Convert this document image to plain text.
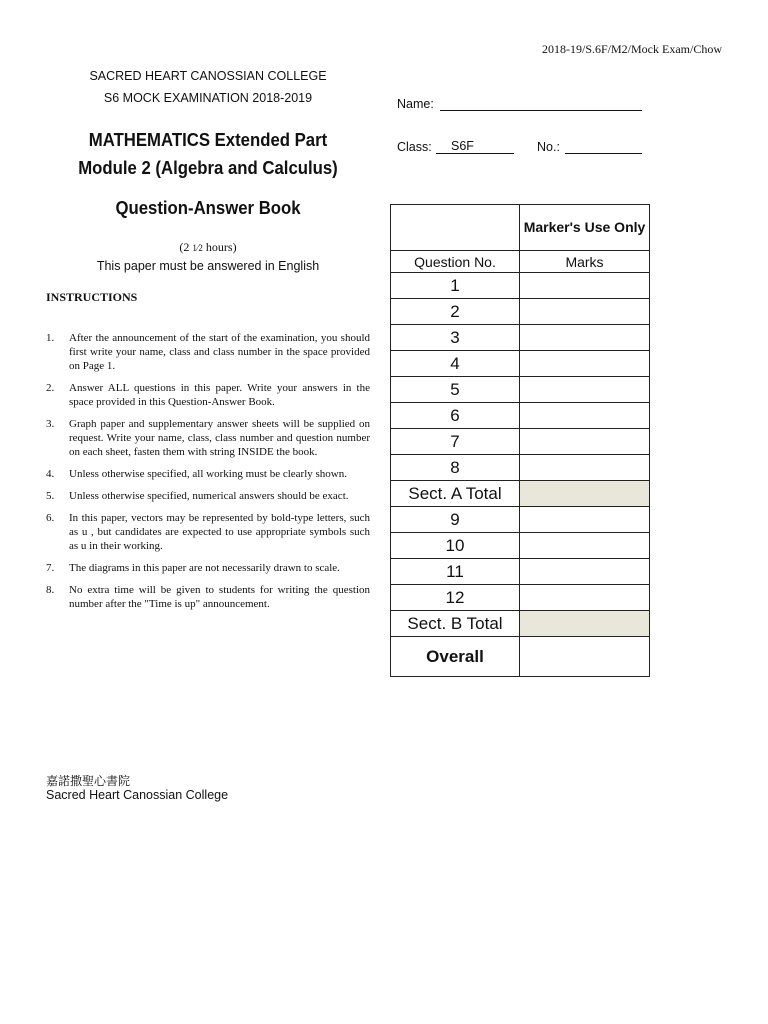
2018-19/S.6F/M2/Mock Exam/Chow
SACRED HEART CANOSSIAN COLLEGE
S6 MOCK EXAMINATION 2018-2019
MATHEMATICS Extended Part
Module 2 (Algebra and Calculus)
Question-Answer Book
(2 1⁄2 hours)
This paper must be answered in English
Name:
Class: S6F	No.:
INSTRUCTIONS
1.	After the announcement of the start of the examination, you should first write your name, class and class number in the space provided on Page 1.
2.	Answer ALL questions in this paper. Write your answers in the space provided in this Question-Answer Book.
3.	Graph paper and supplementary answer sheets will be supplied on request. Write your name, class, class number and question number on each sheet, fasten them with string INSIDE the book.
4.	Unless otherwise specified, all working must be clearly shown.
5.	Unless otherwise specified, numerical answers should be exact.
6.	In this paper, vectors may be represented by bold-type letters, such as u , but candidates are expected to use appropriate symbols such as u in their working.
7.	The diagrams in this paper are not necessarily drawn to scale.
8.	No extra time will be given to students for writing the question number after the "Time is up" announcement.
	Marker's Use Only
Question No.	Marks
1	
2	
3	
4	
5	
6	
7	
8	
Sect. A Total	
9	
10	
11	
12	
Sect. B Total	
Overall	
嘉諾撒聖心書院
Sacred Heart Canossian College
